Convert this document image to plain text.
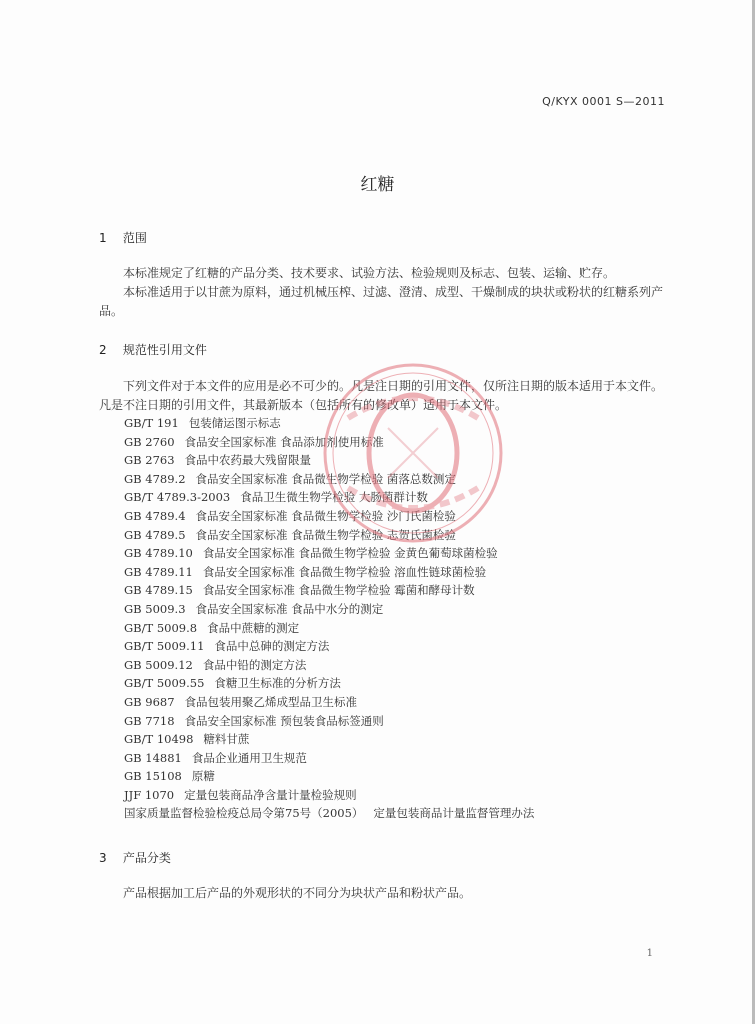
Q/KYX 0001 S—2011
红糖
1 范围

本标准规定了红糖的产品分类、技术要求、试验方法、检验规则及标志、包装、运输、贮存。

本标准适用于以甘蔗为原料，通过机械压榨、过滤、澄清、成型、干燥制成的块状或粉状的红糖系列产品。

2 规范性引用文件

下列文件对于本文件的应用是必不可少的。凡是注日期的引用文件，仅所注日期的版本适用于本文件。凡是不注日期的引用文件，其最新版本（包括所有的修改单）适用于本文件。

GB/T 191 包装储运图示标志
GB 2760 食品安全国家标准 食品添加剂使用标准
GB 2763 食品中农药最大残留限量
GB 4789.2 食品安全国家标准 食品微生物学检验 菌落总数测定
GB/T 4789.3-2003 食品卫生微生物学检验 大肠菌群计数
GB 4789.4 食品安全国家标准 食品微生物学检验 沙门氏菌检验
GB 4789.5 食品安全国家标准 食品微生物学检验 志贺氏菌检验
GB 4789.10 食品安全国家标准 食品微生物学检验 金黄色葡萄球菌检验
GB 4789.11 食品安全国家标准 食品微生物学检验 溶血性链球菌检验
GB 4789.15 食品安全国家标准 食品微生物学检验 霉菌和酵母计数
GB 5009.3 食品安全国家标准 食品中水分的测定
GB/T 5009.8 食品中蔗糖的测定
GB/T 5009.11 食品中总砷的测定方法
GB 5009.12 食品中铅的测定方法
GB/T 5009.55 食糖卫生标准的分析方法
GB 9687 食品包装用聚乙烯成型品卫生标准
GB 7718 食品安全国家标准 预包装食品标签通则
GB/T 10498 糖料甘蔗
GB 14881 食品企业通用卫生规范
GB 15108 原糖
JJF 1070 定量包装商品净含量计量检验规则
国家质量监督检验检疫总局令第75号（2005） 定量包装商品计量监督管理办法
3 产品分类

产品根据加工后产品的外观形状的不同分为块状产品和粉状产品。

1
